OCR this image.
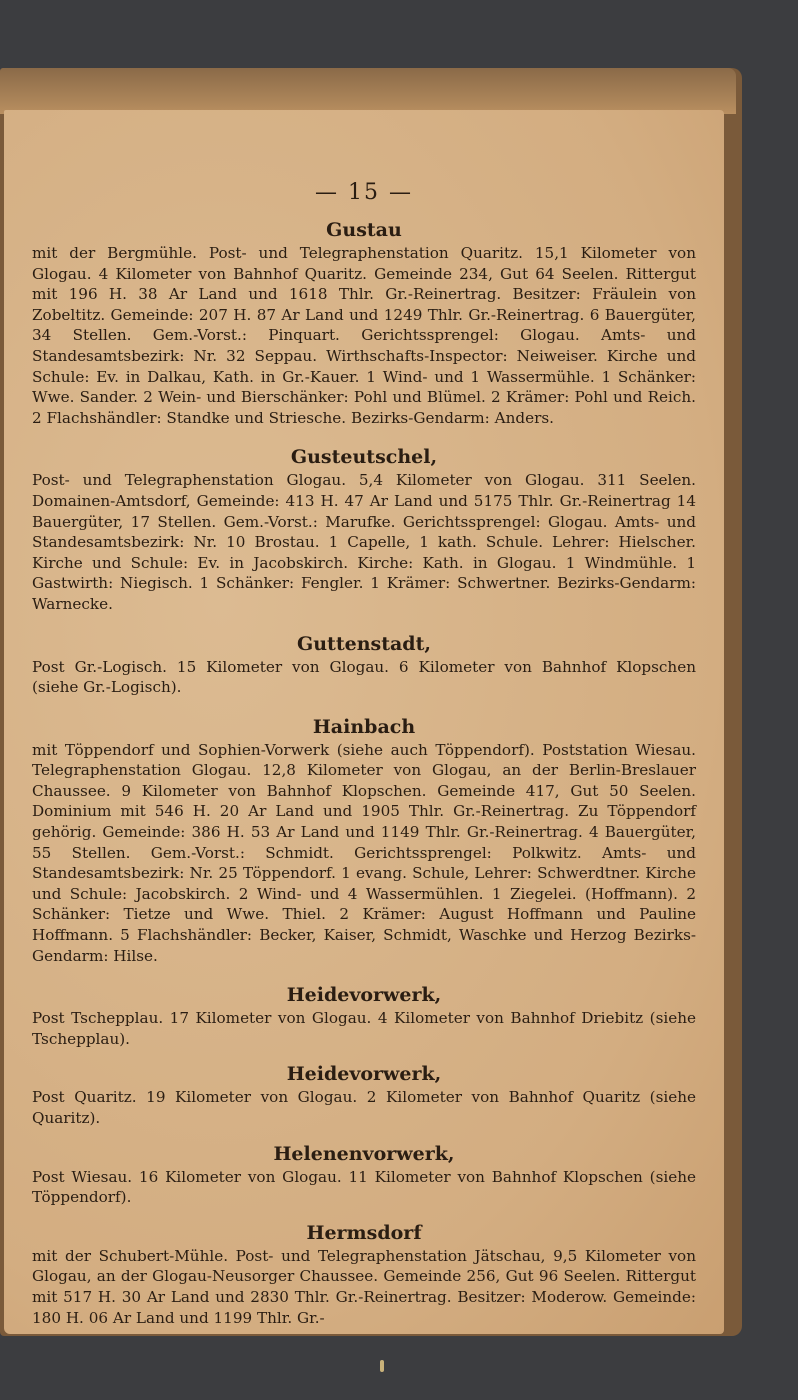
— 15 —
Gustau
mit der Bergmühle. Post- und Telegraphenstation Quaritz. 15,1 Kilometer von Glogau. 4 Kilometer von Bahnhof Quaritz. Gemeinde 234, Gut 64 Seelen. Rittergut mit 196 H. 38 Ar Land und 1618 Thlr. Gr.-Reinertrag. Besitzer: Fräulein von Zobeltitz. Gemeinde: 207 H. 87 Ar Land und 1249 Thlr. Gr.-Reinertrag. 6 Bauergüter, 34 Stellen. Gem.-Vorst.: Pinquart. Gerichtssprengel: Glogau. Amts- und Standesamtsbezirk: Nr. 32 Seppau. Wirthschafts-Inspector: Neiweiser. Kirche und Schule: Ev. in Dalkau, Kath. in Gr.-Kauer. 1 Wind- und 1 Wassermühle. 1 Schänker: Wwe. Sander. 2 Wein- und Bierschänker: Pohl und Blümel. 2 Krämer: Pohl und Reich. 2 Flachshändler: Standke und Striesche. Bezirks-Gendarm: Anders.
Gusteutschel,
Post- und Telegraphenstation Glogau. 5,4 Kilometer von Glogau. 311 Seelen. Domainen-Amtsdorf, Gemeinde: 413 H. 47 Ar Land und 5175 Thlr. Gr.-Reinertrag 14 Bauergüter, 17 Stellen. Gem.-Vorst.: Marufke. Gerichtssprengel: Glogau. Amts- und Standesamtsbezirk: Nr. 10 Brostau. 1 Capelle, 1 kath. Schule. Lehrer: Hielscher. Kirche und Schule: Ev. in Jacobskirch. Kirche: Kath. in Glogau. 1 Windmühle. 1 Gastwirth: Niegisch. 1 Schänker: Fengler. 1 Krämer: Schwertner. Bezirks-Gendarm: Warnecke.
Guttenstadt,
Post Gr.-Logisch. 15 Kilometer von Glogau. 6 Kilometer von Bahnhof Klopschen (siehe Gr.-Logisch).
Hainbach
mit Töppendorf und Sophien-Vorwerk (siehe auch Töppendorf). Poststation Wiesau. Telegraphenstation Glogau. 12,8 Kilometer von Glogau, an der Berlin-Breslauer Chaussee. 9 Kilometer von Bahnhof Klopschen. Gemeinde 417, Gut 50 Seelen. Dominium mit 546 H. 20 Ar Land und 1905 Thlr. Gr.-Reinertrag. Zu Töppendorf gehörig. Gemeinde: 386 H. 53 Ar Land und 1149 Thlr. Gr.-Reinertrag. 4 Bauergüter, 55 Stellen. Gem.-Vorst.: Schmidt. Gerichtssprengel: Polkwitz. Amts- und Standesamtsbezirk: Nr. 25 Töppendorf. 1 evang. Schule, Lehrer: Schwerdtner. Kirche und Schule: Jacobskirch. 2 Wind- und 4 Wassermühlen. 1 Ziegelei. (Hoffmann). 2 Schänker: Tietze und Wwe. Thiel. 2 Krämer: August Hoffmann und Pauline Hoffmann. 5 Flachshändler: Becker, Kaiser, Schmidt, Waschke und Herzog Bezirks-Gendarm: Hilse.
Heidevorwerk,
Post Tschepplau. 17 Kilometer von Glogau. 4 Kilometer von Bahnhof Driebitz (siehe Tschepplau).
Heidevorwerk,
Post Quaritz. 19 Kilometer von Glogau. 2 Kilometer von Bahnhof Quaritz (siehe Quaritz).
Helenenvorwerk,
Post Wiesau. 16 Kilometer von Glogau. 11 Kilometer von Bahnhof Klopschen (siehe Töppendorf).
Hermsdorf
mit der Schubert-Mühle. Post- und Telegraphenstation Jätschau, 9,5 Kilometer von Glogau, an der Glogau-Neusorger Chaussee. Gemeinde 256, Gut 96 Seelen. Rittergut mit 517 H. 30 Ar Land und 2830 Thlr. Gr.-Reinertrag. Besitzer: Moderow. Gemeinde: 180 H. 06 Ar Land und 1199 Thlr. Gr.-
